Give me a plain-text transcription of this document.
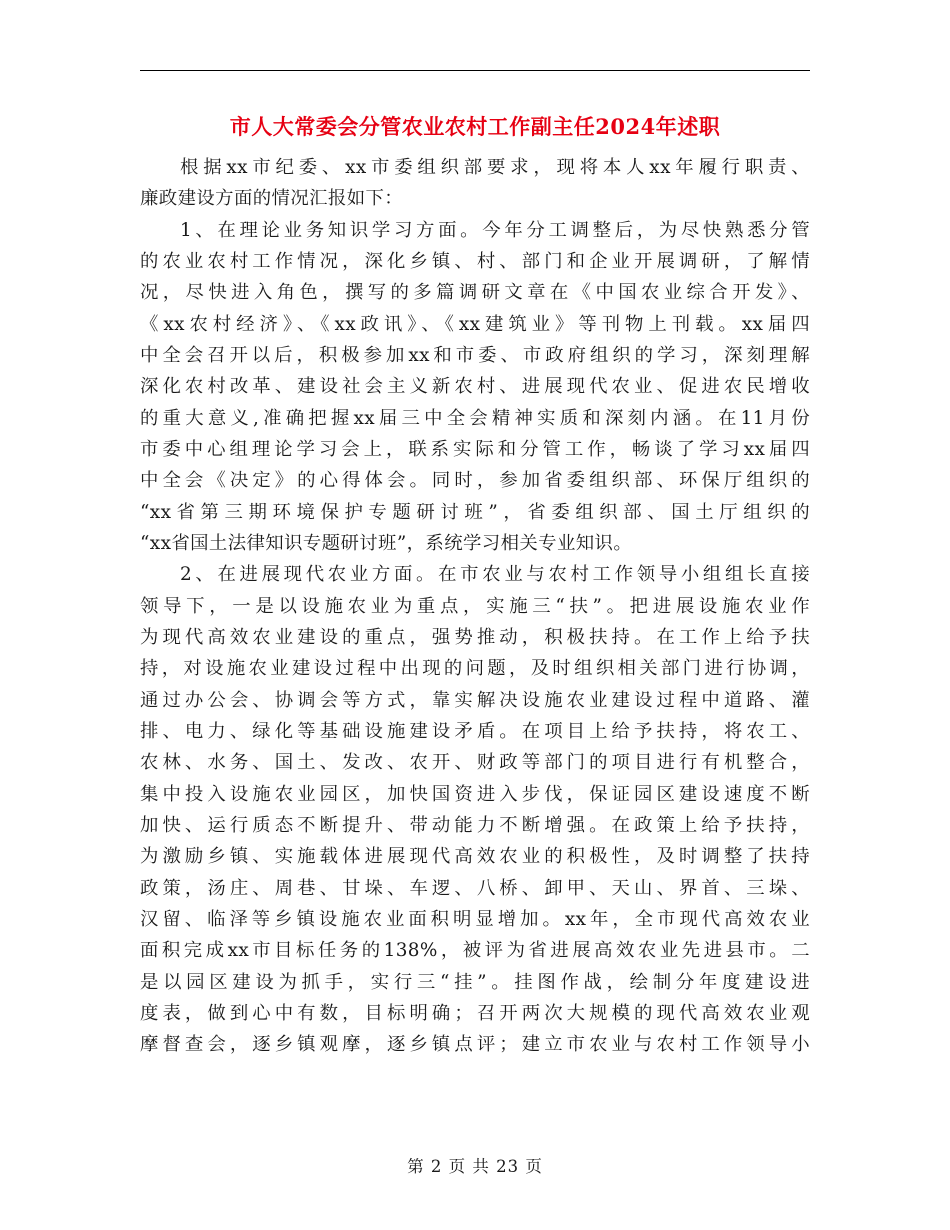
市人大常委会分管农业农村工作副主任2024年述职
根据xx市纪委、xx市委组织部要求，现将本人xx年履行职责、
廉政建设方面的情况汇报如下：
1、在理论业务知识学习方面。今年分工调整后，为尽快熟悉分管
的农业农村工作情况，深化乡镇、村、部门和企业开展调研，了解情
况，尽快进入角色，撰写的多篇调研文章在《中国农业综合开发》、
《xx农村经济》、《xx政讯》、《xx建筑业》等刊物上刊载。xx届四
中全会召开以后，积极参加xx和市委、市政府组织的学习，深刻理解
深化农村改革、建设社会主义新农村、进展现代农业、促进农民增收
的重大意义,准确把握xx届三中全会精神实质和深刻内涵。在11月份
市委中心组理论学习会上，联系实际和分管工作，畅谈了学习xx届四
中全会《决定》的心得体会。同时，参加省委组织部、环保厅组织的
“xx省第三期环境保护专题研讨班”，省委组织部、国土厅组织的
“xx省国土法律知识专题研讨班”，系统学习相关专业知识。
2、在进展现代农业方面。在市农业与农村工作领导小组组长直接
领导下，一是以设施农业为重点，实施三“扶”。把进展设施农业作
为现代高效农业建设的重点，强势推动，积极扶持。在工作上给予扶
持，对设施农业建设过程中出现的问题，及时组织相关部门进行协调，
通过办公会、协调会等方式，靠实解决设施农业建设过程中道路、灌
排、电力、绿化等基础设施建设矛盾。在项目上给予扶持，将农工、
农林、水务、国土、发改、农开、财政等部门的项目进行有机整合，
集中投入设施农业园区，加快国资进入步伐，保证园区建设速度不断
加快、运行质态不断提升、带动能力不断增强。在政策上给予扶持，
为激励乡镇、实施载体进展现代高效农业的积极性，及时调整了扶持
政策，汤庄、周巷、甘垛、车逻、八桥、卸甲、天山、界首、三垛、
汉留、临泽等乡镇设施农业面积明显增加。xx年，全市现代高效农业
面积完成xx市目标任务的138%，被评为省进展高效农业先进县市。二
是以园区建设为抓手，实行三“挂”。挂图作战，绘制分年度建设进
度表，做到心中有数，目标明确；召开两次大规模的现代高效农业观
摩督查会，逐乡镇观摩，逐乡镇点评；建立市农业与农村工作领导小
第 2 页 共 23 页
